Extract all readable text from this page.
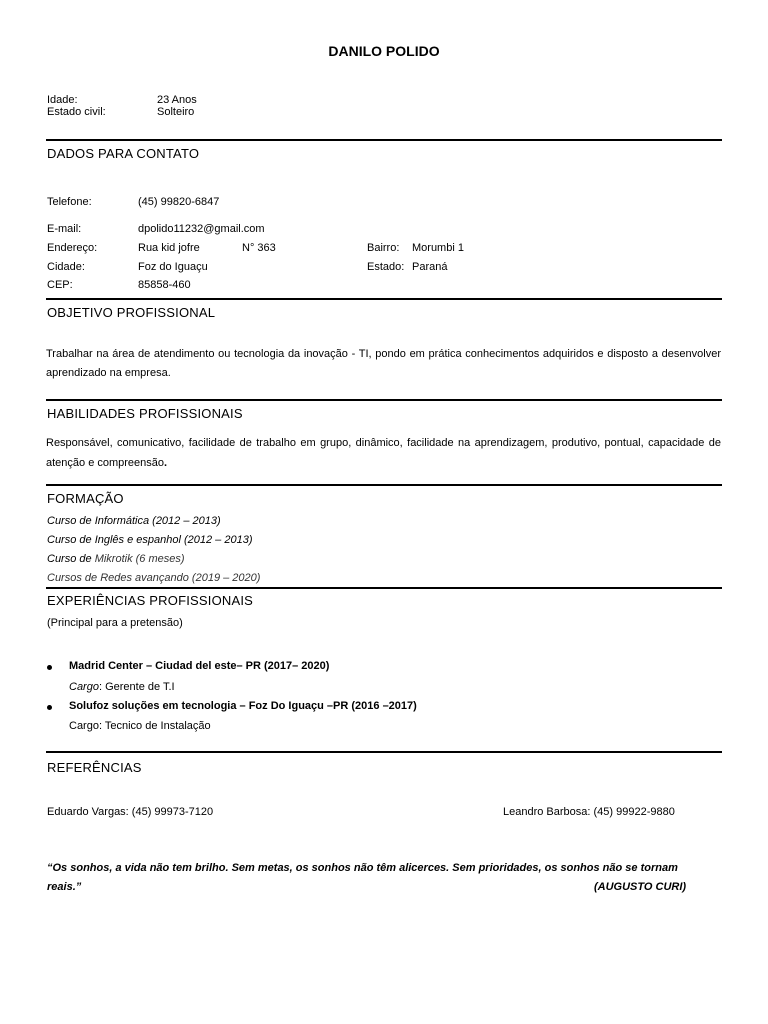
DANILO POLIDO
Idade:	23 Anos
Estado civil:	Solteiro
DADOS PARA CONTATO
Telefone:	(45) 99820-6847
E-mail:	dpolido11232@gmail.com
Endereço:	Rua kid jofre	N° 363	Bairro: Morumbi 1
Cidade:	Foz do Iguaçu	Estado: Paraná
CEP:	85858-460
OBJETIVO PROFISSIONAL
Trabalhar na área de atendimento ou tecnologia da inovação - TI, pondo em prática conhecimentos adquiridos e disposto a desenvolver aprendizado na empresa.
HABILIDADES PROFISSIONAIS
Responsável, comunicativo, facilidade de trabalho em grupo, dinâmico, facilidade na aprendizagem, produtivo, pontual, capacidade de atenção e compreensão.
FORMAÇÃO
Curso de Informática (2012 – 2013)
Curso de Inglês e espanhol (2012 – 2013)
Curso de Mikrotik (6 meses)
Cursos de Redes avançando (2019 – 2020)
EXPERIÊNCIAS PROFISSIONAIS
(Principal para a pretensão)
Madrid Center – Ciudad del este– PR (2017– 2020)
Cargo: Gerente de T.I
Solufoz soluções em tecnologia – Foz Do Iguaçu –PR (2016 –2017)
Cargo: Tecnico de Instalação
REFERÊNCIAS
Eduardo Vargas: (45) 99973-7120	Leandro Barbosa: (45) 99922-9880
“Os sonhos, a vida não tem brilho. Sem metas, os sonhos não têm alicerces. Sem prioridades, os sonhos não se tornam
reais.”	(AUGUSTO CURI)
